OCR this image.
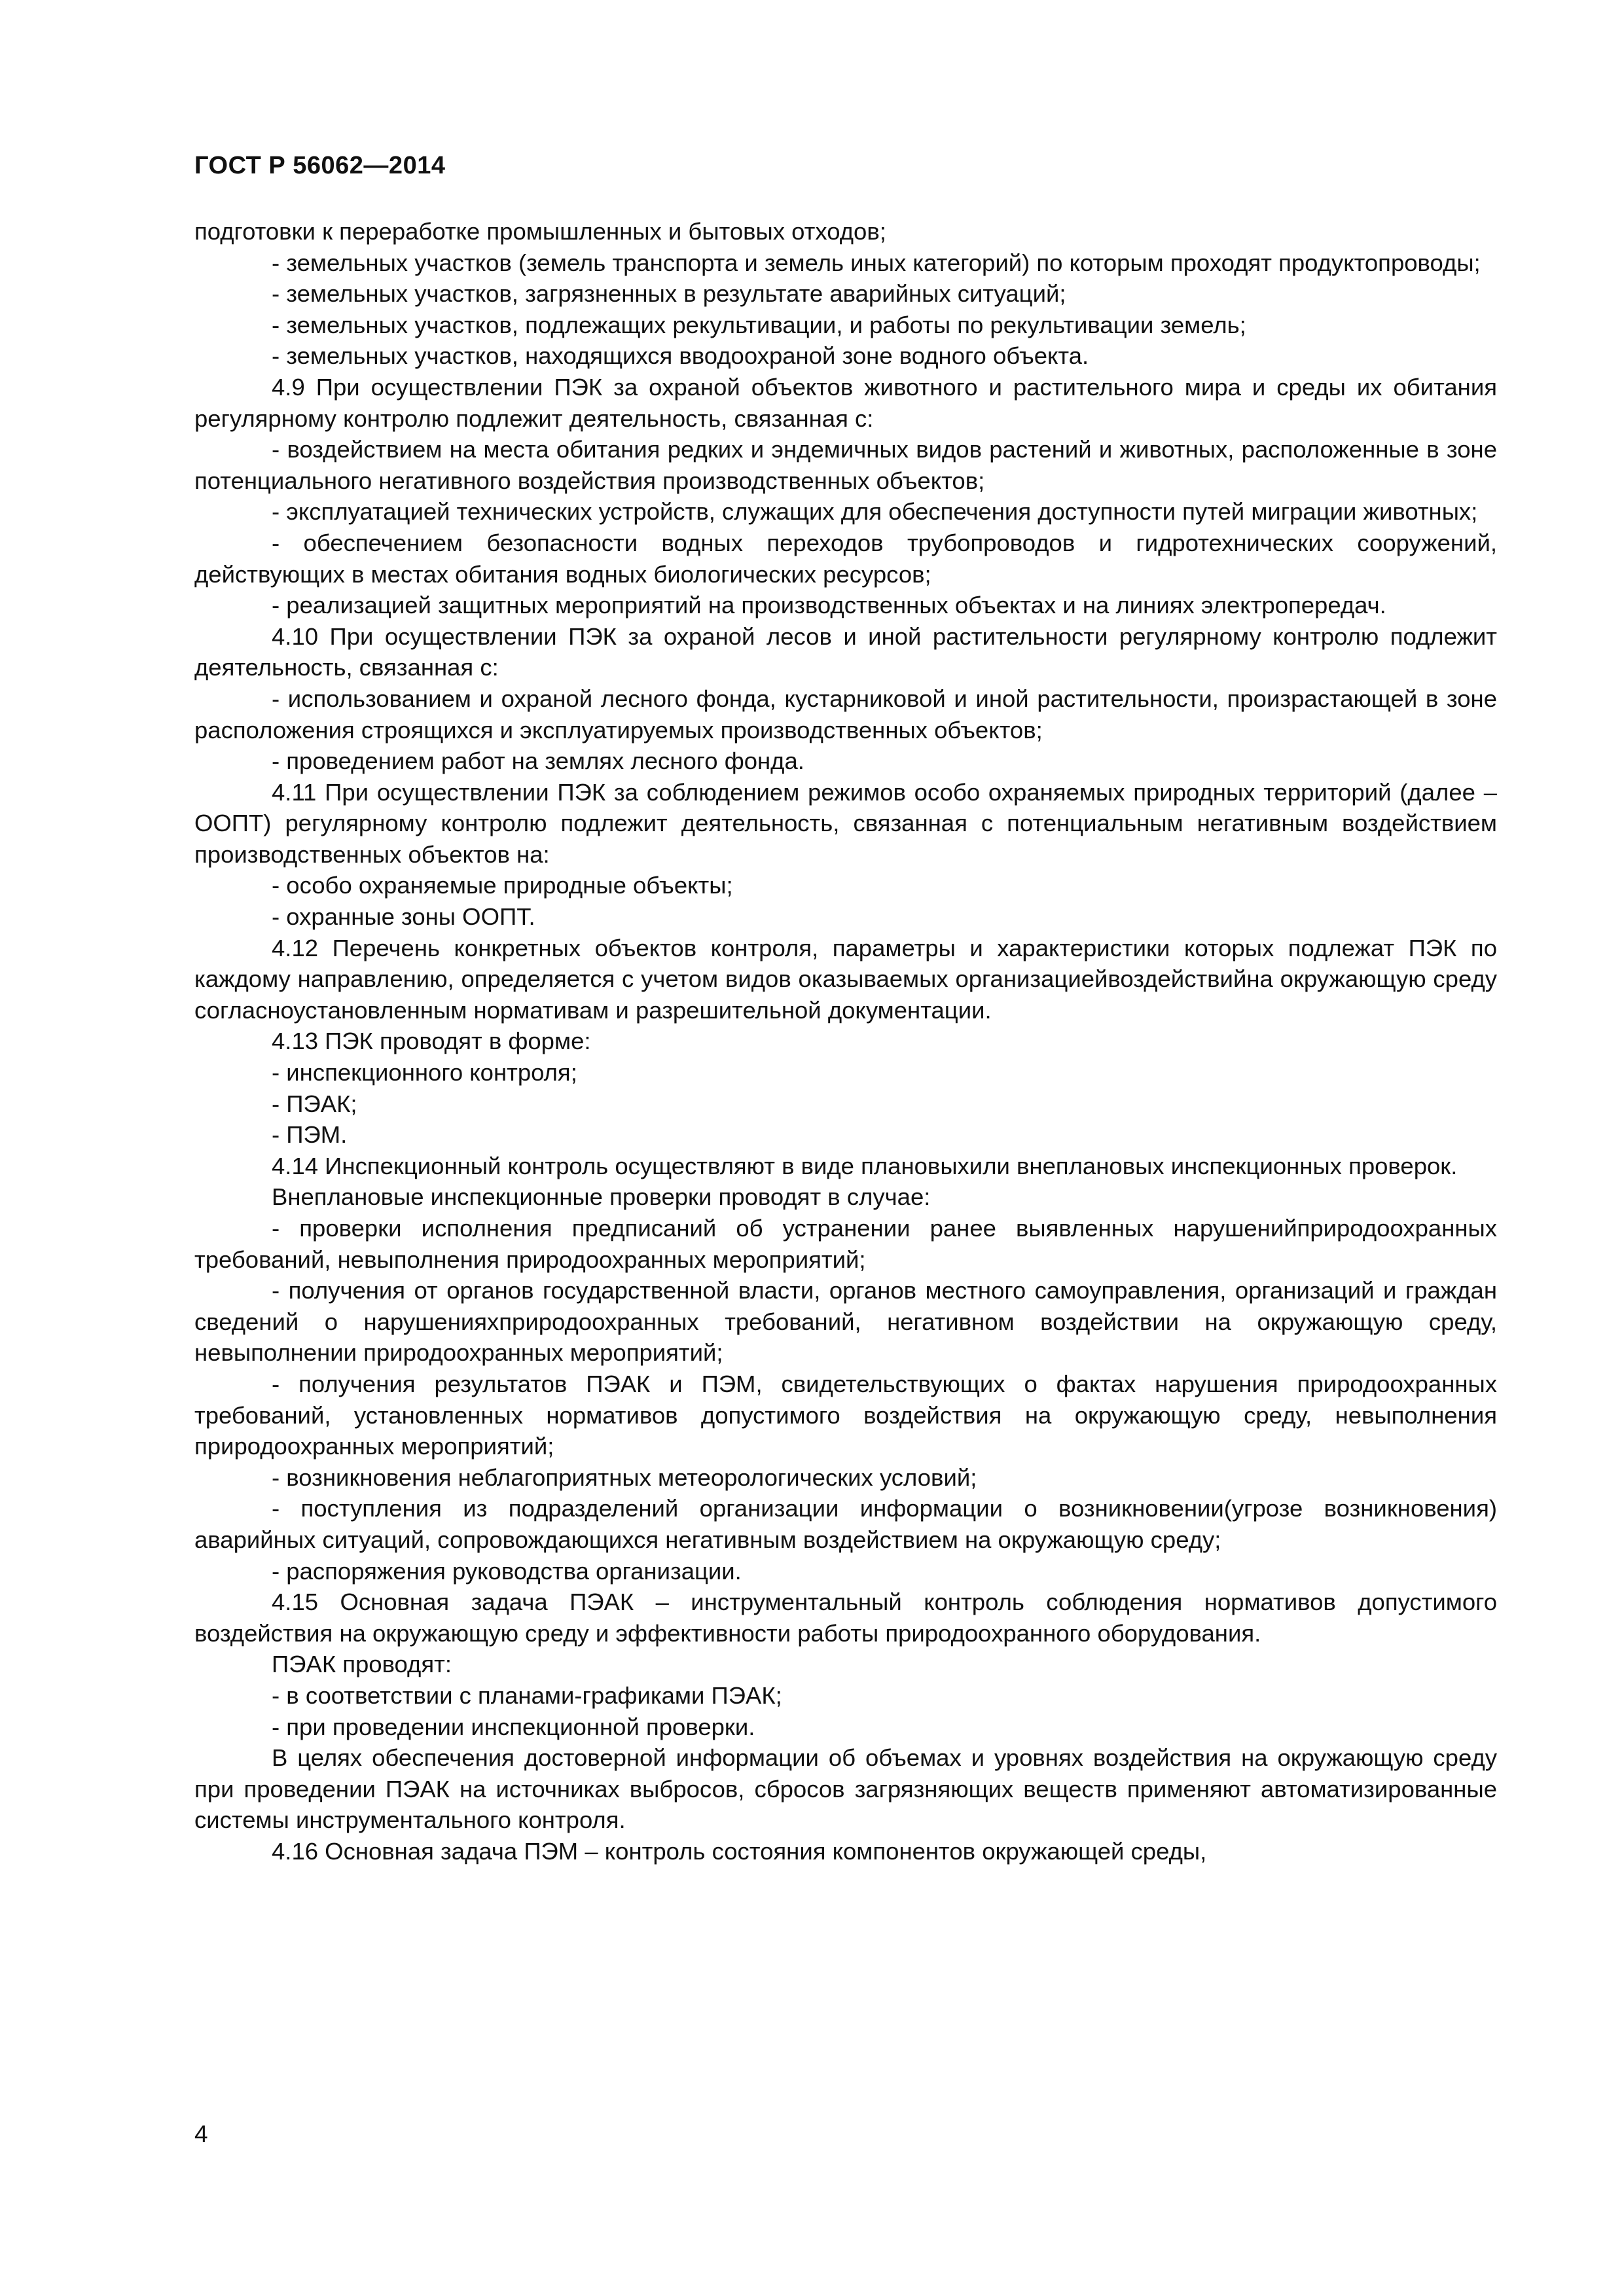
ГОСТ Р 56062—2014

подготовки к переработке промышленных и бытовых отходов;

- земельных участков (земель транспорта и земель иных категорий) по которым проходят продуктопроводы;

- земельных участков, загрязненных в результате аварийных ситуаций;

- земельных участков, подлежащих рекультивации, и работы по рекультивации земель;

- земельных участков, находящихся вводоохраной зоне водного объекта.

4.9 При осуществлении ПЭК за охраной объектов животного и растительного мира и среды их обитания регулярному контролю подлежит деятельность, связанная с:

- воздействием на места обитания редких и эндемичных видов растений и животных, расположенные в зоне потенциального негативного воздействия производственных объектов;

- эксплуатацией технических устройств, служащих для обеспечения доступности путей миграции животных;

- обеспечением безопасности водных переходов трубопроводов и гидротехнических сооружений, действующих в местах обитания водных биологических ресурсов;

- реализацией защитных мероприятий на производственных объектах и на линиях электропередач.

4.10 При осуществлении ПЭК за охраной лесов и иной растительности регулярному контролю подлежит деятельность, связанная с:

- использованием и охраной лесного фонда, кустарниковой и иной растительности, произрастающей в зоне расположения строящихся и эксплуатируемых производственных объектов;

- проведением работ на землях лесного фонда.

4.11 При осуществлении ПЭК за соблюдением режимов особо охраняемых природных территорий (далее – ООПТ) регулярному контролю подлежит деятельность, связанная с потенциальным негативным воздействием производственных объектов на:

- особо охраняемые природные объекты;

- охранные зоны ООПТ.

4.12 Перечень конкретных объектов контроля, параметры и характеристики которых подлежат ПЭК по каждому направлению, определяется с учетом видов оказываемых организациейвоздействийна окружающую среду согласноустановленным нормативам и разрешительной документации.

4.13 ПЭК проводят в форме:

- инспекционного контроля;

- ПЭАК;

- ПЭМ.

4.14 Инспекционный контроль осуществляют в виде плановыхили внеплановых инспекционных проверок.

Внеплановые инспекционные проверки проводят в случае:

- проверки исполнения предписаний об устранении ранее выявленных нарушенийприродоохранных требований, невыполнения природоохранных мероприятий;

- получения от органов государственной власти, органов местного самоуправления, организаций и граждан сведений о нарушенияхприродоохранных требований, негативном воздействии на окружающую среду, невыполнении природоохранных мероприятий;

- получения результатов ПЭАК и ПЭМ, свидетельствующих о фактах нарушения природоохранных требований, установленных нормативов допустимого воздействия на окружающую среду, невыполнения природоохранных мероприятий;

- возникновения неблагоприятных метеорологических условий;

- поступления из подразделений организации информации о возникновении(угрозе возникновения) аварийных ситуаций, сопровождающихся негативным воздействием на окружающую среду;

- распоряжения руководства организации.

4.15 Основная задача ПЭАК – инструментальный контроль соблюдения нормативов допустимого воздействия на окружающую среду и эффективности работы природоохранного оборудования.

ПЭАК проводят:

- в соответствии с планами-графиками ПЭАК;

- при проведении инспекционной проверки.

В целях обеспечения достоверной информации об объемах и уровнях воздействия на окружающую среду при проведении ПЭАК на источниках выбросов, сбросов загрязняющих веществ применяют автоматизированные системы инструментального контроля.

4.16 Основная задача ПЭМ – контроль состояния компонентов окружающей среды,

4
